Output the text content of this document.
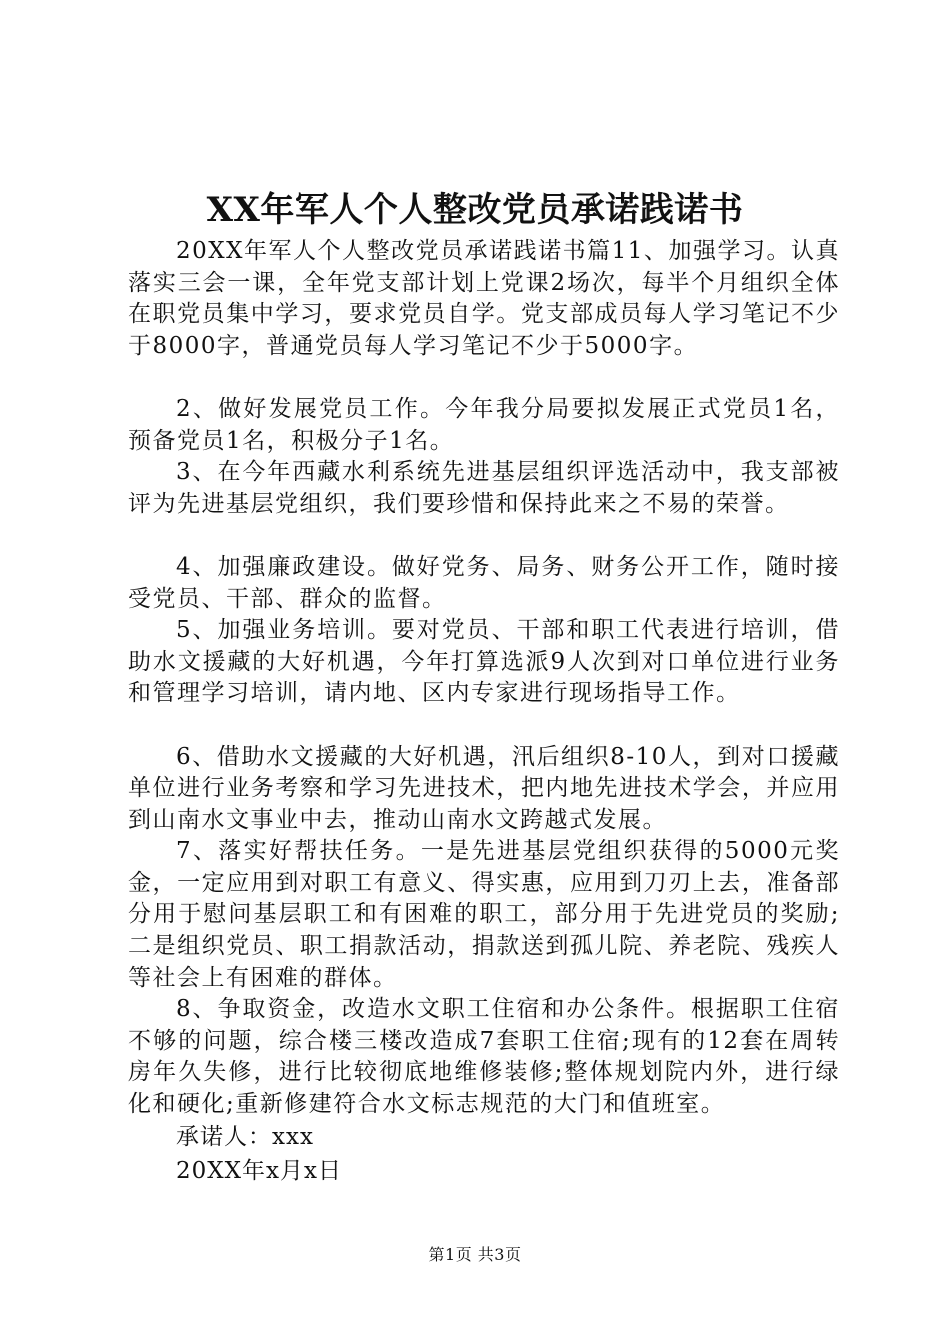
XX年军人个人整改党员承诺践诺书

20XX年军人个人整改党员承诺践诺书篇11、加强学习。认真落实三会一课，全年党支部计划上党课2场次，每半个月组织全体在职党员集中学习，要求党员自学。党支部成员每人学习笔记不少于8000字，普通党员每人学习笔记不少于5000字。

2、做好发展党员工作。今年我分局要拟发展正式党员1名，预备党员1名，积极分子1名。

3、在今年西藏水利系统先进基层组织评选活动中，我支部被评为先进基层党组织，我们要珍惜和保持此来之不易的荣誉。

4、加强廉政建设。做好党务、局务、财务公开工作，随时接受党员、干部、群众的监督。

5、加强业务培训。要对党员、干部和职工代表进行培训，借助水文援藏的大好机遇，今年打算选派9人次到对口单位进行业务和管理学习培训，请内地、区内专家进行现场指导工作。

6、借助水文援藏的大好机遇，汛后组织8-10人，到对口援藏单位进行业务考察和学习先进技术，把内地先进技术学会，并应用到山南水文事业中去，推动山南水文跨越式发展。

7、落实好帮扶任务。一是先进基层党组织获得的5000元奖金，一定应用到对职工有意义、得实惠，应用到刀刃上去，准备部分用于慰问基层职工和有困难的职工，部分用于先进党员的奖励;二是组织党员、职工捐款活动，捐款送到孤儿院、养老院、残疾人等社会上有困难的群体。

8、争取资金，改造水文职工住宿和办公条件。根据职工住宿不够的问题，综合楼三楼改造成7套职工住宿;现有的12套在周转房年久失修，进行比较彻底地维修装修;整体规划院内外，进行绿化和硬化;重新修建符合水文标志规范的大门和值班室。

承诺人：xxx

20XX年x月x日

第1页 共3页
